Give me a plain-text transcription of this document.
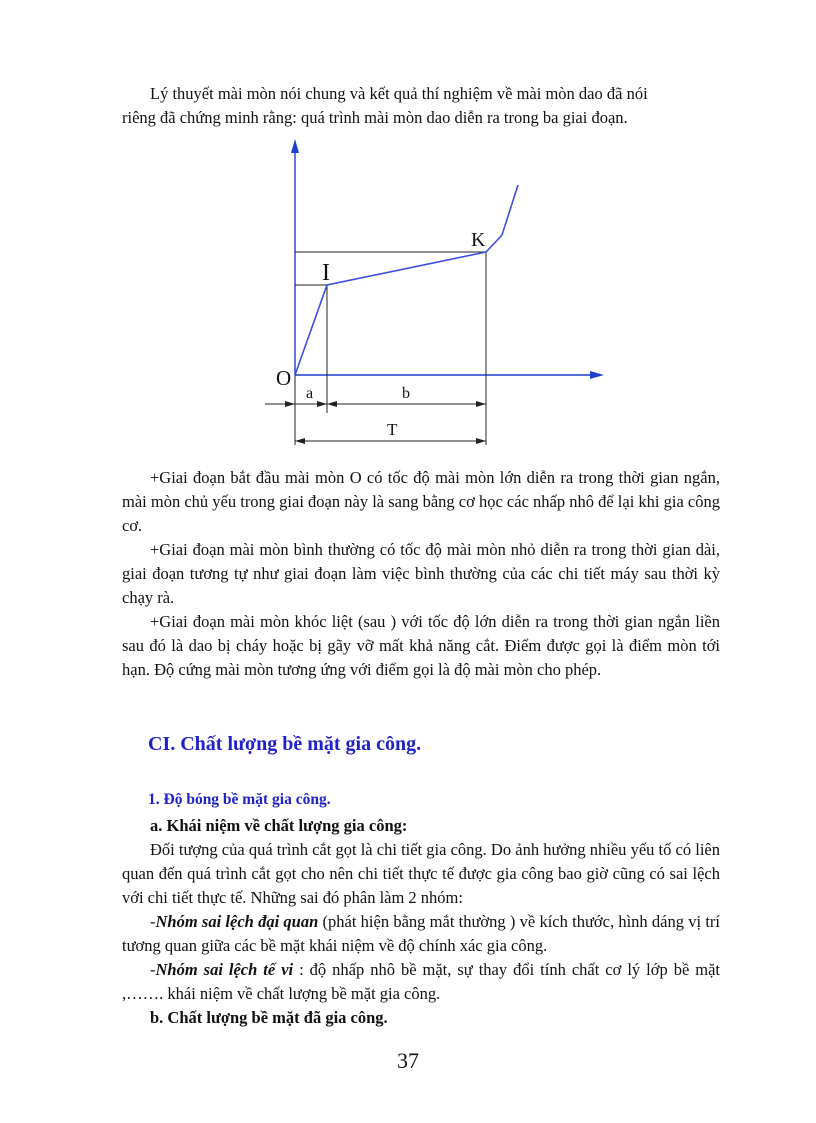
Lý thuyết mài mòn nói chung và kết quả thí nghiệm về mài mòn dao đã nói

riêng đã chứng minh rằng: quá trình mài mòn dao diễn ra trong ba giai đoạn.

K
I
O
a	b
T

+Giai đoạn bắt đầu mài mòn O có tốc độ mài mòn lớn diễn ra trong thời gian ngắn, mài mòn chủ yếu trong giai đoạn này là sang bằng cơ học các nhấp nhô để lại khi gia công cơ.

+Giai đoạn mài mòn bình thường có tốc độ mài mòn nhỏ diễn ra trong thời gian dài, giai đoạn tương tự như giai đoạn làm việc bình thường của các chi tiết máy sau thời kỳ chạy rà.

+Giai đoạn mài mòn khóc liệt (sau ) với tốc độ lớn diễn ra trong thời gian ngắn liền sau đó là dao bị cháy hoặc bị gãy vỡ mất khả năng cắt. Điểm được gọi là điểm mòn tới hạn. Độ cứng mài mòn tương ứng với điểm gọi là độ mài mòn cho phép.

CI. Chất lượng bề mặt gia công.
1. Độ bóng bề mặt gia công.
a. Khái niệm về chất lượng gia công:

Đối tượng của quá trình cắt gọt là chi tiết gia công. Do ảnh hưởng nhiều yếu tố có liên quan đến quá trình cắt gọt cho nên chi tiết thực tế được gia công bao giờ cũng có sai lệch với chi tiết thực tế. Những sai đó phân làm 2 nhóm:

-Nhóm sai lệch đại quan (phát hiện bằng mắt thường ) về kích thước, hình dáng vị trí tương quan giữa các bề mặt khái niệm về độ chính xác gia công.

-Nhóm sai lệch tế vi : độ nhấp nhô bề mặt, sự thay đổi tính chất cơ lý lớp bề mặt ,……. khái niệm về chất lượng bề mặt gia công.

b. Chất lượng bề mặt đã gia công.
37
